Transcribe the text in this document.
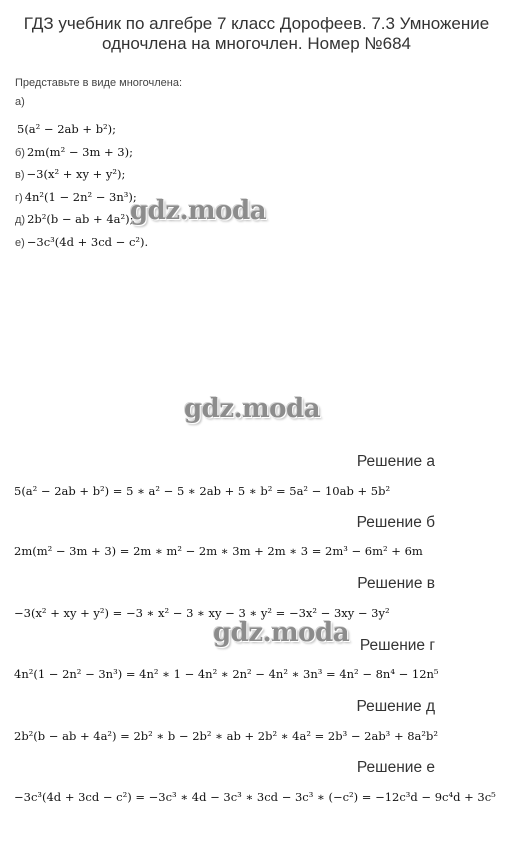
ГДЗ учебник по алгебре 7 класс Дорофеев. 7.3 Умножение одночлена на многочлен. Номер №684
Представьте в виде многочлена:
а)
5(a² − 2ab + b²);
б) 2m(m² − 3m + 3);
в) −3(x² + xy + y²);
г) 4n²(1 − 2n² − 3n³);
д) 2b²(b − ab + 4a²);
е) −3c³(4d + 3cd − c²).
gdz.moda
gdz.moda
Решение а
5(a² − 2ab + b²) = 5 ∗ a² − 5 ∗ 2ab + 5 ∗ b² = 5a² − 10ab + 5b²
Решение б
2m(m² − 3m + 3) = 2m ∗ m² − 2m ∗ 3m + 2m ∗ 3 = 2m³ − 6m² + 6m
Решение в
−3(x² + xy + y²) = −3 ∗ x² − 3 ∗ xy − 3 ∗ y² = −3x² − 3xy − 3y²
Решение г
4n²(1 − 2n² − 3n³) = 4n² ∗ 1 − 4n² ∗ 2n² − 4n² ∗ 3n³ = 4n² − 8n⁴ − 12n⁵
Решение д
2b²(b − ab + 4a²) = 2b² ∗ b − 2b² ∗ ab + 2b² ∗ 4a² = 2b³ − 2ab³ + 8a²b²
Решение е
−3c³(4d + 3cd − c²) = −3c³ ∗ 4d − 3c³ ∗ 3cd − 3c³ ∗ (−c²) = −12c³d − 9c⁴d + 3c⁵
gdz.moda
